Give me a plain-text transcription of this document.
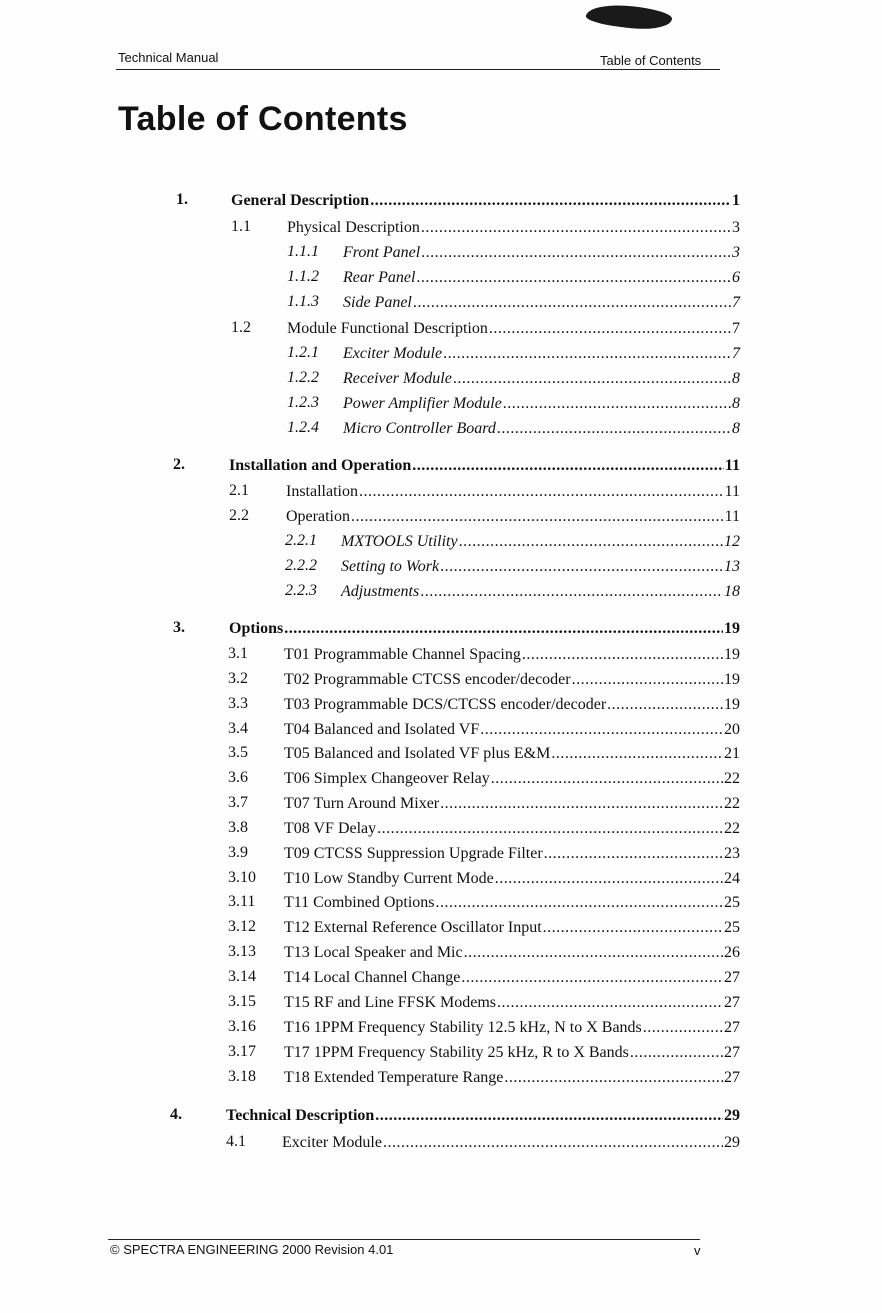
Technical Manual	Table of Contents
Table of Contents
1.	General Description .....	1
1.1 Physical Description .....	3
1.1.1 Front Panel .....	3
1.1.2 Rear Panel .....	6
1.1.3 Side Panel .....	7
1.2 Module Functional Description .....	7
1.2.1 Exciter Module .....	7
1.2.2 Receiver Module .....	8
1.2.3 Power Amplifier Module .....	8
1.2.4 Micro Controller Board .....	8
2.	Installation and Operation .....	11
2.1 Installation .....	11
2.2 Operation .....	11
2.2.1 MXTOOLS Utility .....	12
2.2.2 Setting to Work .....	13
2.2.3 Adjustments .....	18
3.	Options .....	19
3.1 T01 Programmable Channel Spacing .....	19
3.2 T02 Programmable CTCSS encoder/decoder .....	19
3.3 T03 Programmable DCS/CTCSS encoder/decoder .....	19
3.4 T04 Balanced and Isolated VF .....	20
3.5 T05 Balanced and Isolated VF plus E&M .....	21
3.6 T06 Simplex Changeover Relay .....	22
3.7 T07 Turn Around Mixer .....	22
3.8 T08 VF Delay .....	22
3.9 T09 CTCSS Suppression Upgrade Filter .....	23
3.10 T10 Low Standby Current Mode .....	24
3.11 T11 Combined Options .....	25
3.12 T12 External Reference Oscillator Input .....	25
3.13 T13 Local Speaker and Mic .....	26
3.14 T14 Local Channel Change .....	27
3.15 T15 RF and Line FFSK Modems .....	27
3.16 T16 1PPM Frequency Stability 12.5 kHz, N to X Bands .....	27
3.17 T17 1PPM Frequency Stability 25 kHz, R to X Bands .....	27
3.18 T18 Extended Temperature Range .....	27
4.	Technical Description .....	29
4.1 Exciter Module .....	29
© SPECTRA ENGINEERING 2000 Revision 4.01	v
